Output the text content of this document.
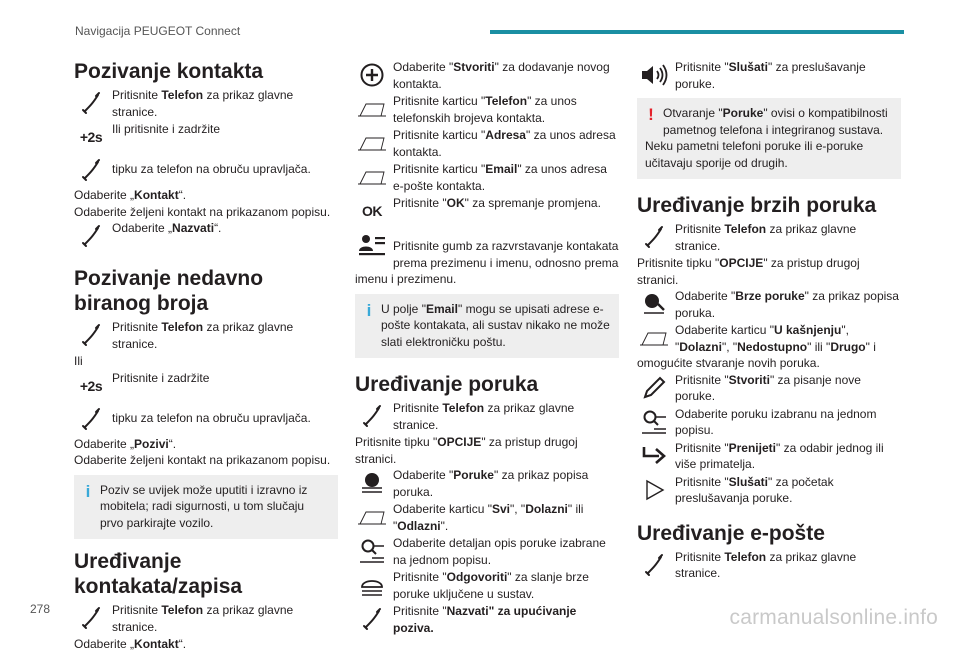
Navigacija PEUGEOT Connect
278	carmanualsonline.info
Pozivanje kontakta
Pritisnite Telefon za prikaz glavne stranice.
+2s Ili pritisnite i zadržite
tipku za telefon na obruču upravljača.
Odaberite „Kontakt“.
Odaberite željeni kontakt na prikazanom popisu.
Odaberite „Nazvati“.
Pozivanje nedavno biranog broja
Pritisnite Telefon za prikaz glavne stranice.
Ili
+2s Pritisnite i zadržite
tipku za telefon na obruču upravljača.
Odaberite „Pozivi“.
Odaberite željeni kontakt na prikazanom popisu.
i Poziv se uvijek može uputiti i izravno iz mobitela; radi sigurnosti, u tom slučaju prvo parkirajte vozilo.
Uređivanje kontakata/zapisa
Pritisnite Telefon za prikaz glavne stranice.
Odaberite „Kontakt“.
Odaberite "Stvoriti" za dodavanje novog kontakta.
Pritisnite karticu "Telefon" za unos telefonskih brojeva kontakta.
Pritisnite karticu "Adresa" za unos adresa kontakta.
Pritisnite karticu "Email" za unos adresa e-pošte kontakta.
OK Pritisnite "OK" za spremanje promjena.
Pritisnite gumb za razvrstavanje kontakata prema prezimenu i imenu, odnosno prema imenu i prezimenu.
i U polje "Email" mogu se upisati adrese e-pošte kontakata, ali sustav nikako ne može slati elektroničku poštu.
Uređivanje poruka
Pritisnite Telefon za prikaz glavne stranice.
Pritisnite tipku "OPCIJE" za pristup drugoj stranici.
Odaberite "Poruke" za prikaz popisa poruka.
Odaberite karticu "Svi", "Dolazni" ili "Odlazni".
Odaberite detaljan opis poruke izabrane na jednom popisu.
Pritisnite "Odgovoriti" za slanje brze poruke uključene u sustav.
Pritisnite "Nazvati" za upućivanje poziva.
Pritisnite "Slušati" za preslušavanje poruke.
! Otvaranje "Poruke" ovisi o kompatibilnosti pametnog telefona i integriranog sustava.
Neku pametni telefoni poruke ili e-poruke učitavaju sporije od drugih.
Uređivanje brzih poruka
Pritisnite Telefon za prikaz glavne stranice.
Pritisnite tipku "OPCIJE" za pristup drugoj stranici.
Odaberite "Brze poruke" za prikaz popisa poruka.
Odaberite karticu "U kašnjenju", "Dolazni", "Nedostupno" ili "Drugo" i omogućite stvaranje novih poruka.
Pritisnite "Stvoriti" za pisanje nove poruke.
Odaberite poruku izabranu na jednom popisu.
Pritisnite "Prenijeti" za odabir jednog ili više primatelja.
Pritisnite "Slušati" za početak preslušavanja poruke.
Uređivanje e-pošte
Pritisnite Telefon za prikaz glavne stranice.
